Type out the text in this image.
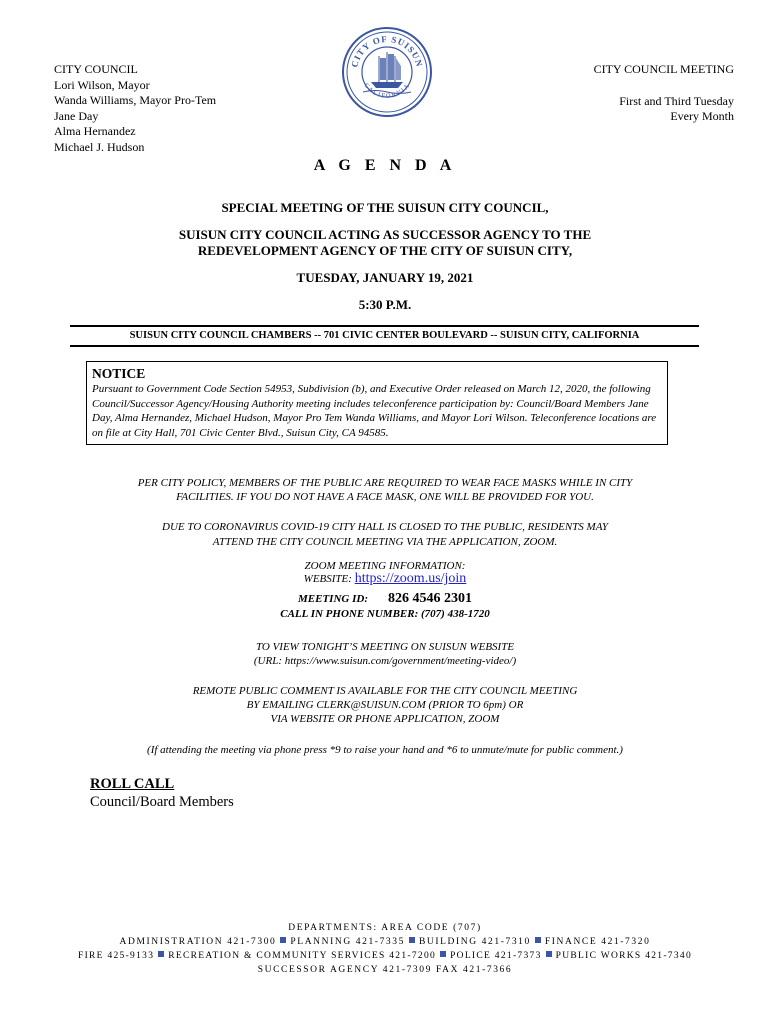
CITY COUNCIL
Lori Wilson, Mayor
Wanda Williams, Mayor Pro-Tem
Jane Day
Alma Hernandez
Michael J. Hudson
CITY OF SUISUN
CALIFORNIA
CITY COUNCIL MEETING
First and Third Tuesday
Every Month
A G E N D A
SPECIAL MEETING OF THE SUISUN CITY COUNCIL,
SUISUN CITY COUNCIL ACTING AS SUCCESSOR AGENCY TO THE
REDEVELOPMENT AGENCY OF THE CITY OF SUISUN CITY,
TUESDAY, JANUARY 19, 2021
5:30 P.M.
SUISUN CITY COUNCIL CHAMBERS -- 701 CIVIC CENTER BOULEVARD -- SUISUN CITY, CALIFORNIA
NOTICE
Pursuant to Government Code Section 54953, Subdivision (b), and Executive Order released on March 12, 2020, the following Council/Successor Agency/Housing Authority meeting includes teleconference participation by: Council/Board Members Jane Day, Alma Hernandez, Michael Hudson, Mayor Pro Tem Wanda Williams, and Mayor Lori Wilson. Teleconference locations are on file at City Hall, 701 Civic Center Blvd., Suisun City, CA 94585.
PER CITY POLICY, MEMBERS OF THE PUBLIC ARE REQUIRED TO WEAR FACE MASKS WHILE IN CITY
FACILITIES. IF YOU DO NOT HAVE A FACE MASK, ONE WILL BE PROVIDED FOR YOU.
DUE TO CORONAVIRUS COVID-19 CITY HALL IS CLOSED TO THE PUBLIC, RESIDENTS MAY
ATTEND THE CITY COUNCIL MEETING VIA THE APPLICATION, ZOOM.
ZOOM MEETING INFORMATION:
WEBSITE: https://zoom.us/join
MEETING ID: 826 4546 2301
CALL IN PHONE NUMBER: (707) 438-1720
TO VIEW TONIGHT’S MEETING ON SUISUN WEBSITE
(URL: https://www.suisun.com/government/meeting-video/)
REMOTE PUBLIC COMMENT IS AVAILABLE FOR THE CITY COUNCIL MEETING
BY EMAILING CLERK@SUISUN.COM (PRIOR TO 6pm) OR
VIA WEBSITE OR PHONE APPLICATION, ZOOM
(If attending the meeting via phone press *9 to raise your hand and *6 to unmute/mute for public comment.)
ROLL CALL
Council/Board Members
DEPARTMENTS: AREA CODE (707)
ADMINISTRATION 421-7300 PLANNING 421-7335 BUILDING 421-7310 FINANCE 421-7320
FIRE 425-9133 RECREATION & COMMUNITY SERVICES 421-7200 POLICE 421-7373 PUBLIC WORKS 421-7340
SUCCESSOR AGENCY 421-7309 FAX 421-7366
